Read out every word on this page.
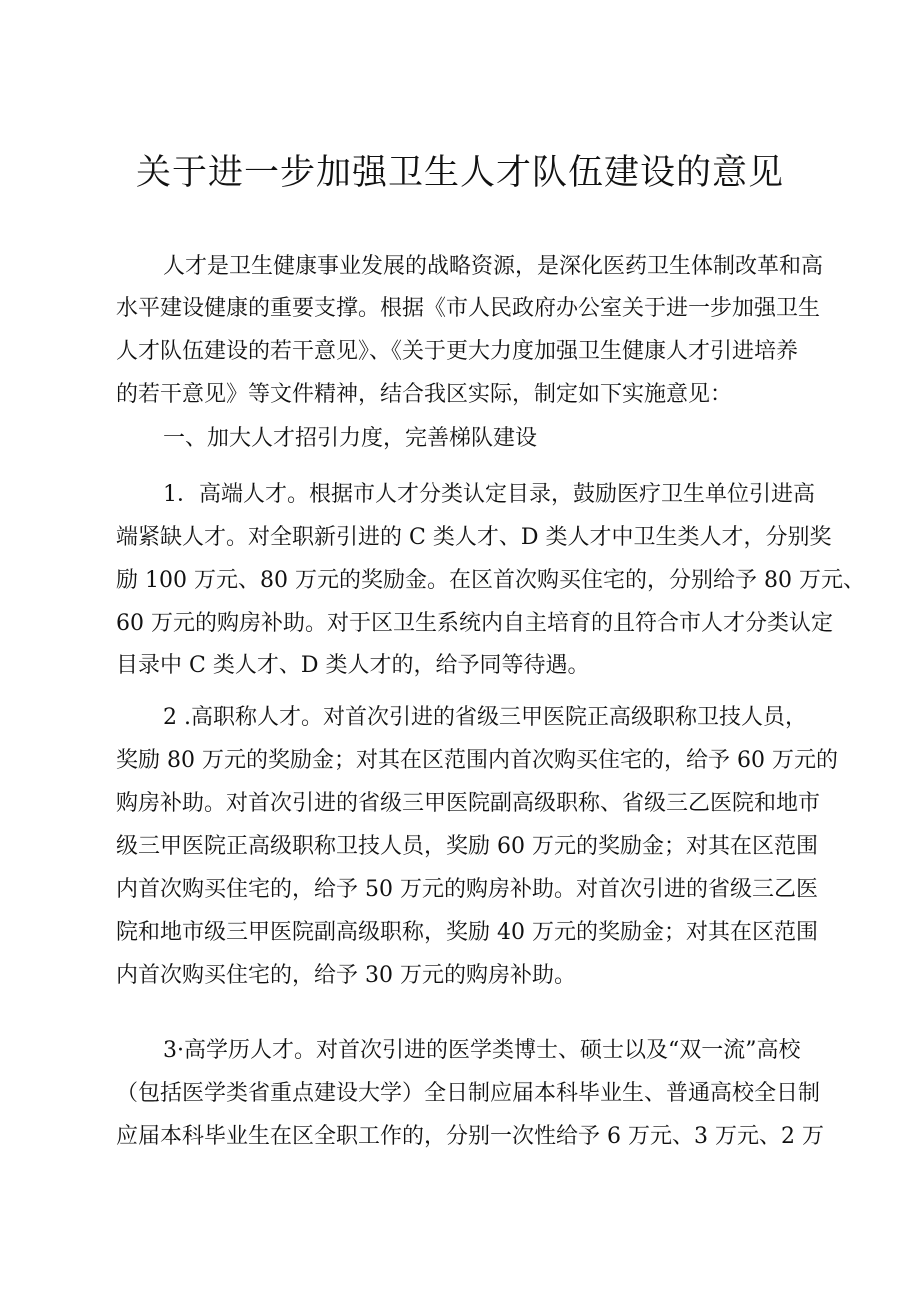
关于进一步加强卫生人才队伍建设的意见

人才是卫生健康事业发展的战略资源，是深化医药卫生体制改革和高

水平建设健康的重要支撑。根据《市人民政府办公室关于进一步加强卫生

人才队伍建设的若干意见》、《关于更大力度加强卫生健康人才引进培养

的若干意见》等文件精神，结合我区实际，制定如下实施意见：

一、加大人才招引力度，完善梯队建设

1．高端人才。根据市人才分类认定目录，鼓励医疗卫生单位引进高

端紧缺人才。对全职新引进的 C 类人才、D 类人才中卫生类人才，分别奖

励 100 万元、80 万元的奖励金。在区首次购买住宅的，分别给予 80 万元、

60 万元的购房补助。对于区卫生系统内自主培育的且符合市人才分类认定

目录中 C 类人才、D 类人才的，给予同等待遇。

2 .高职称人才。对首次引进的省级三甲医院正高级职称卫技人员，

奖励 80 万元的奖励金；对其在区范围内首次购买住宅的，给予 60 万元的

购房补助。对首次引进的省级三甲医院副高级职称、省级三乙医院和地市

级三甲医院正高级职称卫技人员，奖励 60 万元的奖励金；对其在区范围

内首次购买住宅的，给予 50 万元的购房补助。对首次引进的省级三乙医

院和地市级三甲医院副高级职称，奖励 40 万元的奖励金；对其在区范围

内首次购买住宅的，给予 30 万元的购房补助。

3·高学历人才。对首次引进的医学类博士、硕士以及“双一流”高校

（包括医学类省重点建设大学）全日制应届本科毕业生、普通高校全日制

应届本科毕业生在区全职工作的，分别一次性给予 6 万元、3 万元、2 万
